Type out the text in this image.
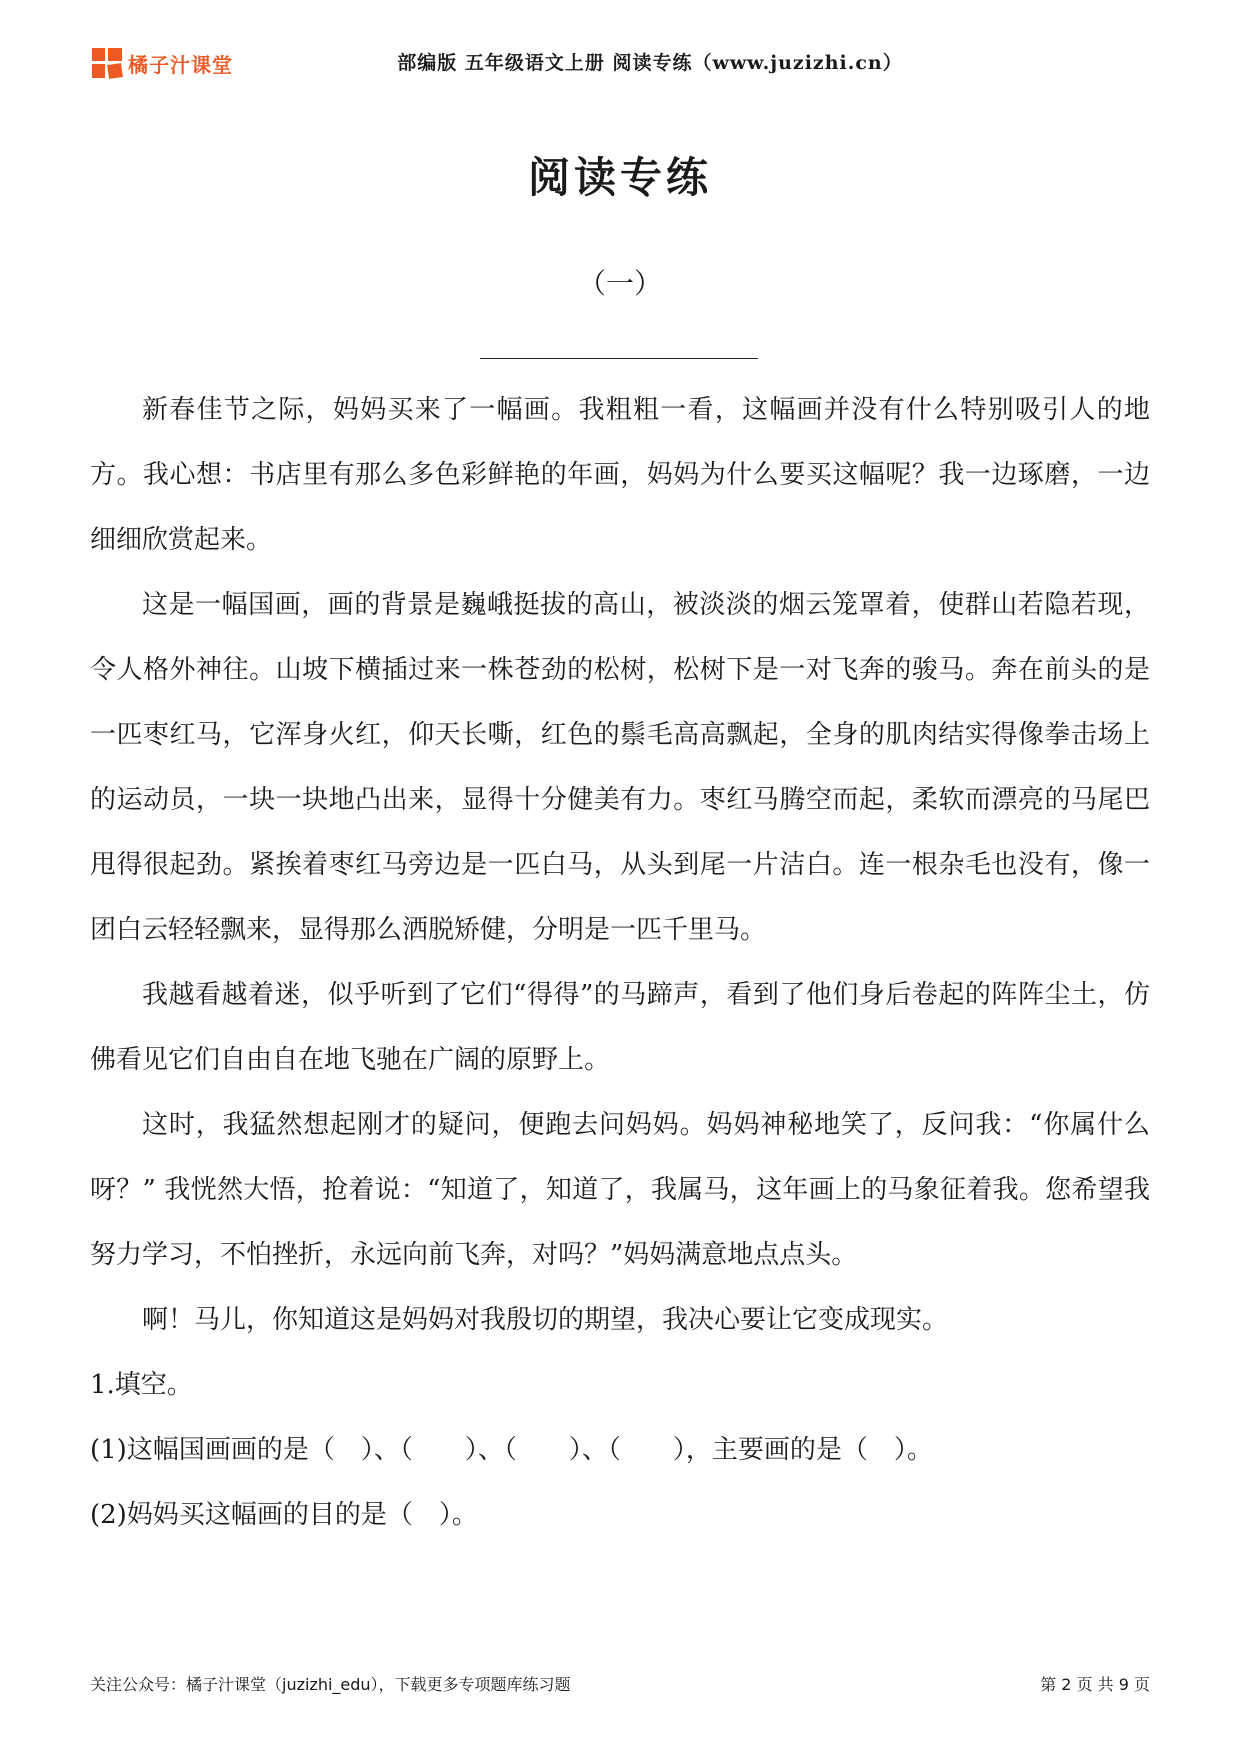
橘子汁课堂	部编版 五年级语文上册 阅读专练（www.juzizhi.cn）
阅读专练
（一）

新春佳节之际，妈妈买来了一幅画。我粗粗一看，这幅画并没有什么特别吸引人的地方。我心想：书店里有那么多色彩鲜艳的年画，妈妈为什么要买这幅呢？我一边琢磨，一边细细欣赏起来。

这是一幅国画，画的背景是巍峨挺拔的高山，被淡淡的烟云笼罩着，使群山若隐若现，令人格外神往。山坡下横插过来一株苍劲的松树，松树下是一对飞奔的骏马。奔在前头的是一匹枣红马，它浑身火红，仰天长嘶，红色的鬃毛高高飘起，全身的肌肉结实得像拳击场上的运动员，一块一块地凸出来，显得十分健美有力。枣红马腾空而起，柔软而漂亮的马尾巴甩得很起劲。紧挨着枣红马旁边是一匹白马，从头到尾一片洁白。连一根杂毛也没有，像一团白云轻轻飘来，显得那么洒脱矫健，分明是一匹千里马。

我越看越着迷，似乎听到了它们“得得”的马蹄声，看到了他们身后卷起的阵阵尘土，仿佛看见它们自由自在地飞驰在广阔的原野上。

这时，我猛然想起刚才的疑问，便跑去问妈妈。妈妈神秘地笑了，反问我：“你属什么呀？” 我恍然大悟，抢着说：“知道了，知道了，我属马，这年画上的马象征着我。您希望我努力学习，不怕挫折，永远向前飞奔，对吗？”妈妈满意地点点头。

啊！马儿，你知道这是妈妈对我殷切的期望，我决心要让它变成现实。

1.填空。

(1)这幅国画画的是（　）、（　　）、（　　）、（　　），主要画的是（　）。

(2)妈妈买这幅画的目的是（　）。

关注公众号：橘子汁课堂（juzizhi_edu），下载更多专项题库练习题	第 2 页 共 9 页
